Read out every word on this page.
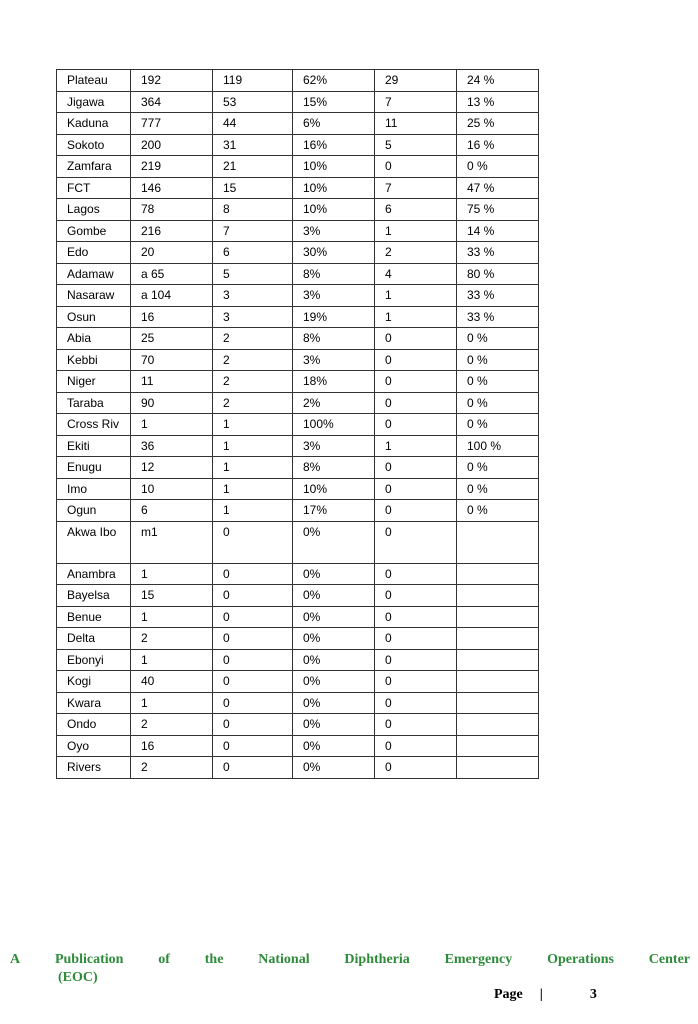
Plateau	192	119	62%	29	24 %
Jigawa	364	53	15%	7	13 %
Kaduna	777	44	6%	11	25 %
Sokoto	200	31	16%	5	16 %
Zamfara	219	21	10%	0	0 %
FCT	146	15	10%	7	47 %
Lagos	78	8	10%	6	75 %
Gombe	216	7	3%	1	14 %
Edo	20	6	30%	2	33 %
Adamaw	a 65	5	8%	4	80 %
Nasaraw	a 104	3	3%	1	33 %
Osun	16	3	19%	1	33 %
Abia	25	2	8%	0	0 %
Kebbi	70	2	3%	0	0 %
Niger	11	2	18%	0	0 %
Taraba	90	2	2%	0	0 %
Cross Riv	1	1	100%	0	0 %
Ekiti	36	1	3%	1	100 %
Enugu	12	1	8%	0	0 %
Imo	10	1	10%	0	0 %
Ogun	6	1	17%	0	0 %
Akwa Ibo	m1	0	0%	0	
Anambra	1	0	0%	0	
Bayelsa	15	0	0%	0	
Benue	1	0	0%	0	
Delta	2	0	0%	0	
Ebonyi	1	0	0%	0	
Kogi	40	0	0%	0	
Kwara	1	0	0%	0	
Ondo	2	0	0%	0	
Oyo	16	0	0%	0	
Rivers	2	0	0%	0	
A Publication of the National Diphtheria Emergency Operations Center
(EOC)
Page |	3
